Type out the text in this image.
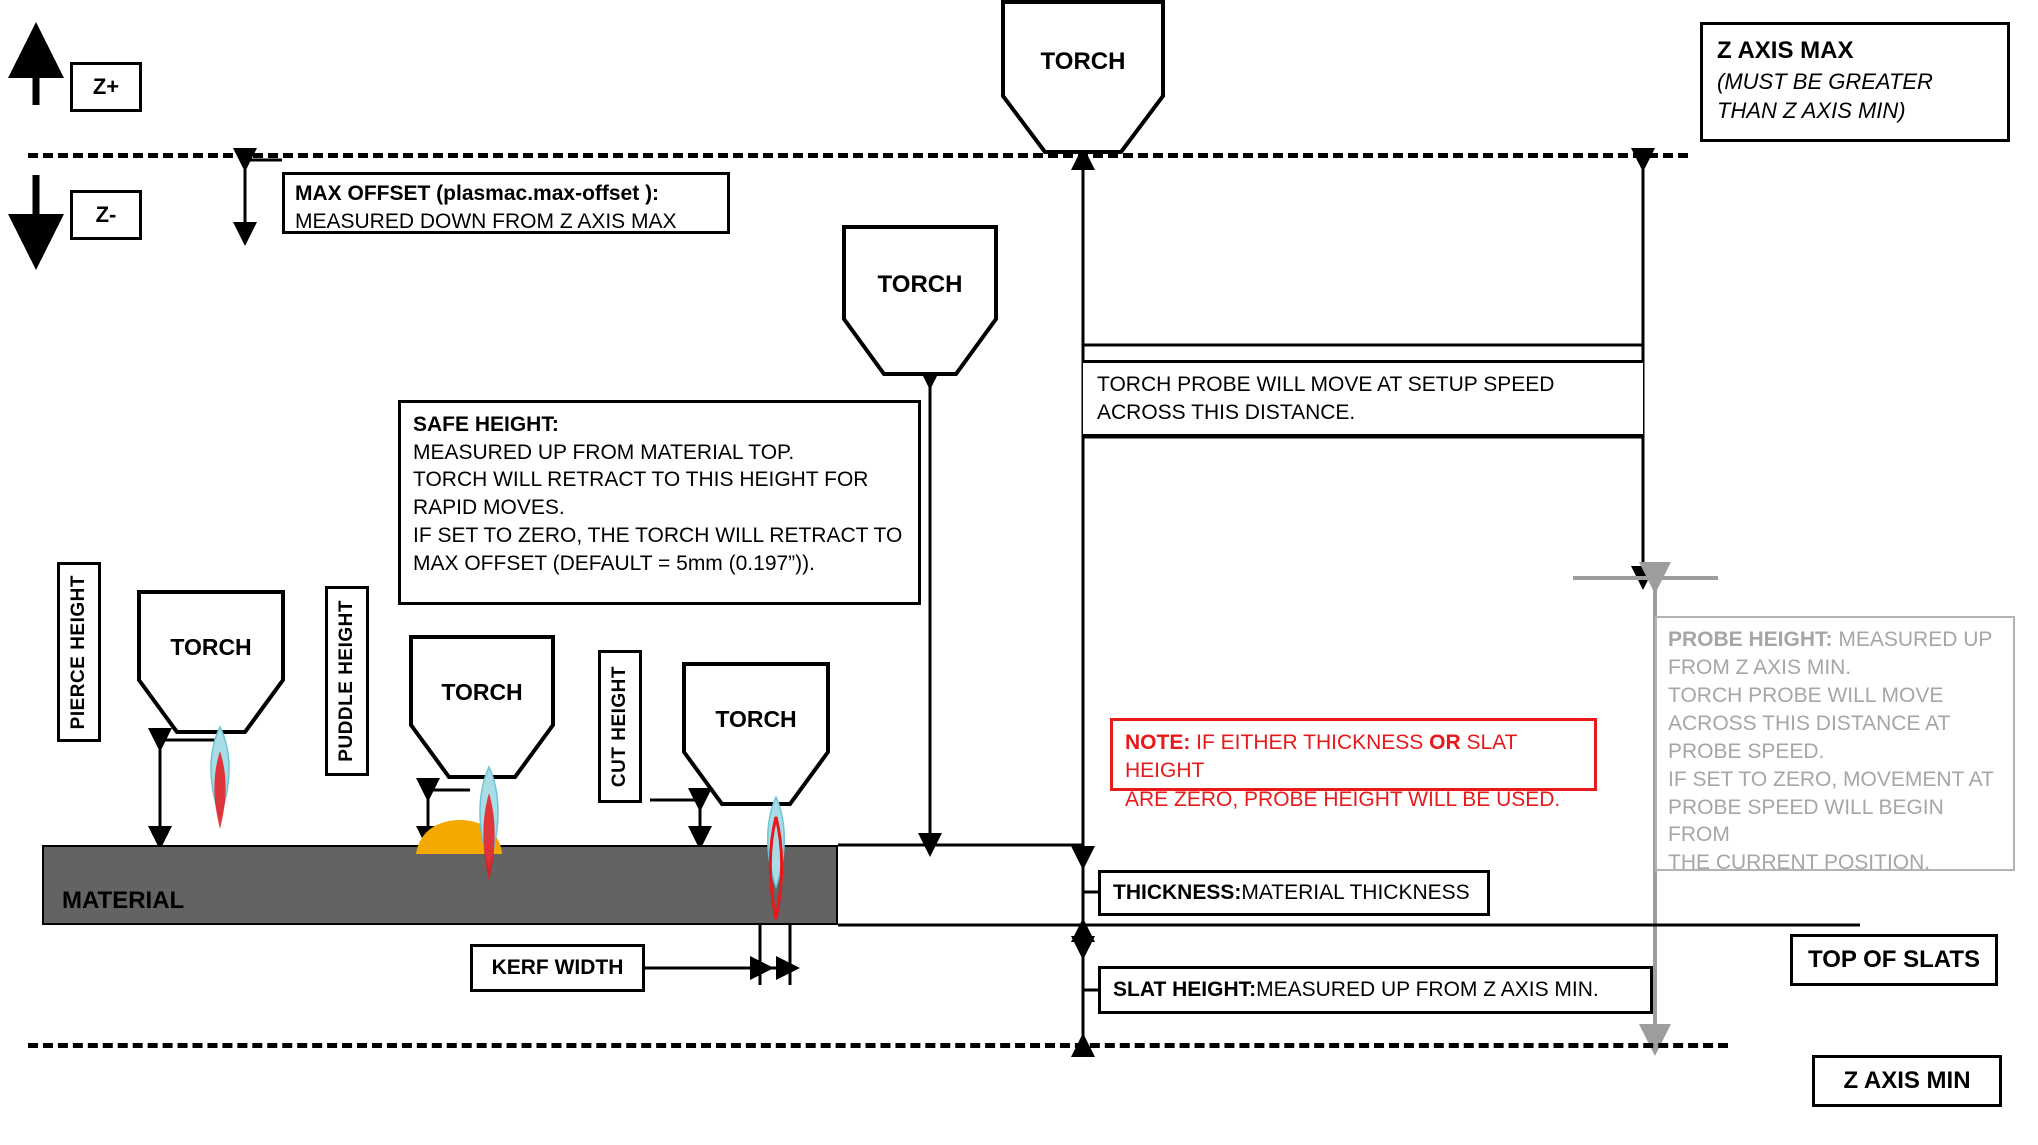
Z+
Z-
Z AXIS MAX
(MUST BE GREATER
THAN Z AXIS MIN)
MAX OFFSET (plasmac.max-offset ):
MEASURED DOWN FROM Z AXIS MAX
TORCH
TORCH
SAFE HEIGHT:
MEASURED UP FROM MATERIAL TOP.
TORCH WILL RETRACT TO THIS HEIGHT FOR
RAPID MOVES.
IF SET TO ZERO, THE TORCH WILL RETRACT TO
MAX OFFSET (DEFAULT = 5mm (0.197”)).
TORCH PROBE WILL MOVE AT SETUP SPEED
ACROSS THIS DISTANCE.
PROBE HEIGHT: MEASURED UP
FROM Z AXIS MIN.
TORCH PROBE WILL MOVE
ACROSS THIS DISTANCE AT
PROBE SPEED.
IF SET TO ZERO, MOVEMENT AT
PROBE SPEED WILL BEGIN FROM
THE CURRENT POSITION.
NOTE: IF EITHER THICKNESS OR SLAT HEIGHT
ARE ZERO, PROBE HEIGHT WILL BE USED.
MATERIAL
PIERCE HEIGHT	PUDDLE HEIGHT	CUT HEIGHT
TORCH
TORCH
TORCH
KERF WIDTH
THICKNESS: MATERIAL THICKNESS
SLAT HEIGHT: MEASURED UP FROM Z AXIS MIN.
TOP OF SLATS
Z AXIS MIN
